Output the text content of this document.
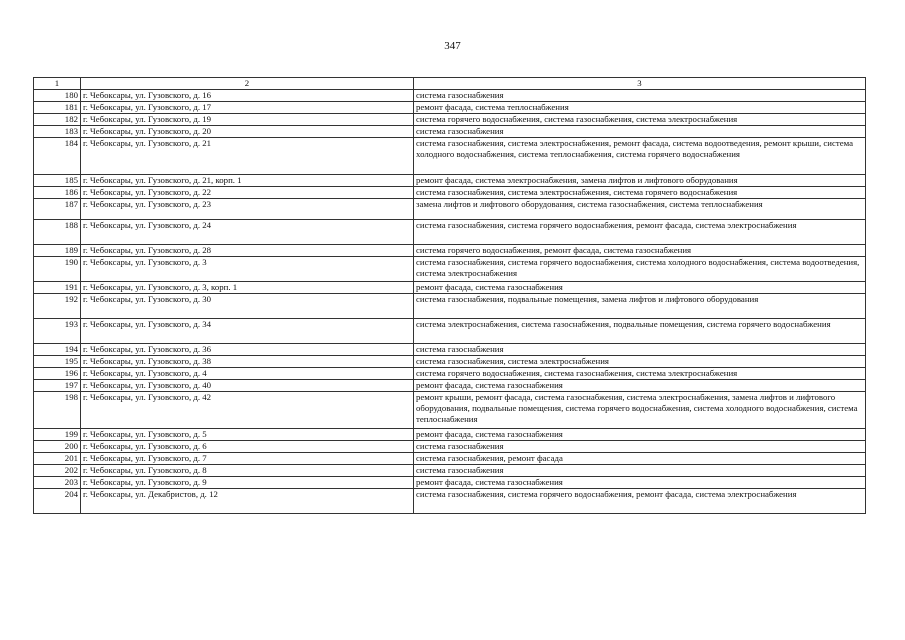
347
1	2	3
180	г. Чебоксары, ул. Гузовского, д. 16	система газоснабжения
181	г. Чебоксары, ул. Гузовского, д. 17	ремонт фасада, система теплоснабжения
182	г. Чебоксары, ул. Гузовского, д. 19	система горячего водоснабжения, система газоснабжения, система электроснабжения
183	г. Чебоксары, ул. Гузовского, д. 20	система газоснабжения
184	г. Чебоксары, ул. Гузовского, д. 21	система газоснабжения, система электроснабжения, ремонт фасада, система водоотведения, ремонт крыши, система холодного водоснабжения, система теплоснабжения, система горячего водоснабжения
185	г. Чебоксары, ул. Гузовского, д. 21, корп. 1	ремонт фасада, система электроснабжения, замена лифтов и лифтового оборудования
186	г. Чебоксары, ул. Гузовского, д. 22	система газоснабжения, система электроснабжения, система горячего водоснабжения
187	г. Чебоксары, ул. Гузовского, д. 23	замена лифтов и лифтового оборудования, система газоснабжения, система теплоснабжения
188	г. Чебоксары, ул. Гузовского, д. 24	система газоснабжения, система горячего водоснабжения, ремонт фасада, система электроснабжения
189	г. Чебоксары, ул. Гузовского, д. 28	система горячего водоснабжения, ремонт фасада, система газоснабжения
190	г. Чебоксары, ул. Гузовского, д. 3	система газоснабжения, система горячего водоснабжения, система холодного водоснабжения, система водоотведения, система электроснабжения
191	г. Чебоксары, ул. Гузовского, д. 3, корп. 1	ремонт фасада, система газоснабжения
192	г. Чебоксары, ул. Гузовского, д. 30	система газоснабжения, подвальные помещения, замена лифтов и лифтового оборудования
193	г. Чебоксары, ул. Гузовского, д. 34	система электроснабжения, система газоснабжения, подвальные помещения, система горячего водоснабжения
194	г. Чебоксары, ул. Гузовского, д. 36	система газоснабжения
195	г. Чебоксары, ул. Гузовского, д. 38	система газоснабжения, система электроснабжения
196	г. Чебоксары, ул. Гузовского, д. 4	система горячего водоснабжения, система газоснабжения, система электроснабжения
197	г. Чебоксары, ул. Гузовского, д. 40	ремонт фасада, система газоснабжения
198	г. Чебоксары, ул. Гузовского, д. 42	ремонт крыши, ремонт фасада, система газоснабжения, система электроснабжения, замена лифтов и лифтового оборудования, подвальные помещения, система горячего водоснабжения, система холодного водоснабжения, система теплоснабжения
199	г. Чебоксары, ул. Гузовского, д. 5	ремонт фасада, система газоснабжения
200	г. Чебоксары, ул. Гузовского, д. 6	система газоснабжения
201	г. Чебоксары, ул. Гузовского, д. 7	система газоснабжения, ремонт фасада
202	г. Чебоксары, ул. Гузовского, д. 8	система газоснабжения
203	г. Чебоксары, ул. Гузовского, д. 9	ремонт фасада, система газоснабжения
204	г. Чебоксары, ул. Декабристов, д. 12	система газоснабжения, система горячего водоснабжения, ремонт фасада, система электроснабжения
